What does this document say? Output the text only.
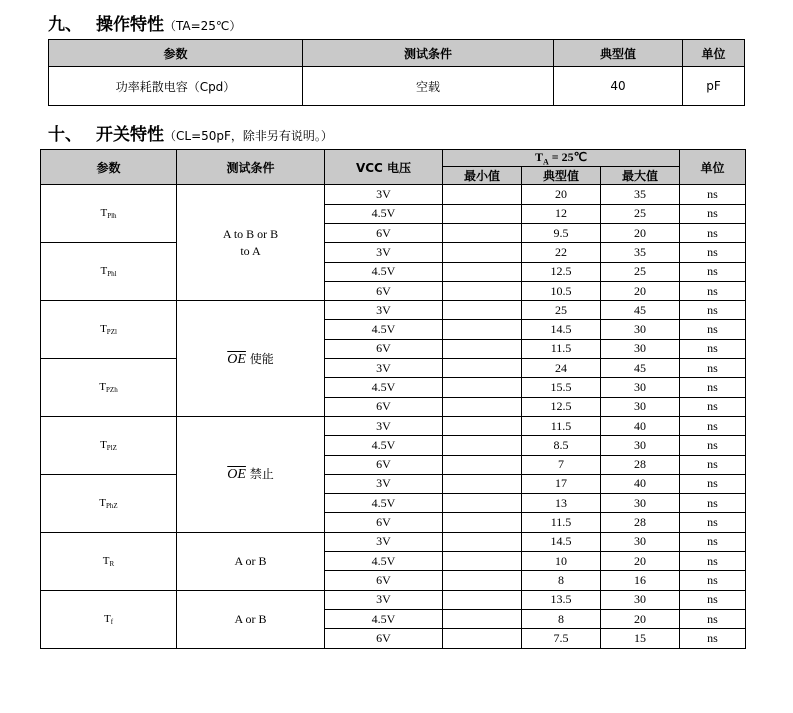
九、 操作特性（TA=25℃）
参数	测试条件	典型值	单位
功率耗散电容（Cpd）	空载	40	pF
十、 开关特性（CL=50pF，除非另有说明。）
参数	测试条件	VCC 电压	$T_A$ = 25℃			单位
			最小值	典型值	最大值	
$T_{Plh}$	A to B or B to A	3V		20	35	ns
		4.5V		12	25	ns
		6V		9.5	20	ns
$T_{Phl}$		3V		22	35	ns
		4.5V		12.5	25	ns
		6V		10.5	20	ns
$T_{PZl}$	$\overline{OE}$ 使能	3V		25	45	ns
		4.5V		14.5	30	ns
		6V		11.5	30	ns
$T_{PZh}$		3V		24	45	ns
		4.5V		15.5	30	ns
		6V		12.5	30	ns
$T_{PlZ}$	$\overline{OE}$ 禁止	3V		11.5	40	ns
		4.5V		8.5	30	ns
		6V		7	28	ns
$T_{PhZ}$		3V		17	40	ns
		4.5V		13	30	ns
		6V		11.5	28	ns
$T_R$	A or B	3V		14.5	30	ns
		4.5V		10	20	ns
		6V		8	16	ns
$T_f$	A or B	3V		13.5	30	ns
		4.5V		8	20	ns
		6V		7.5	15	ns
